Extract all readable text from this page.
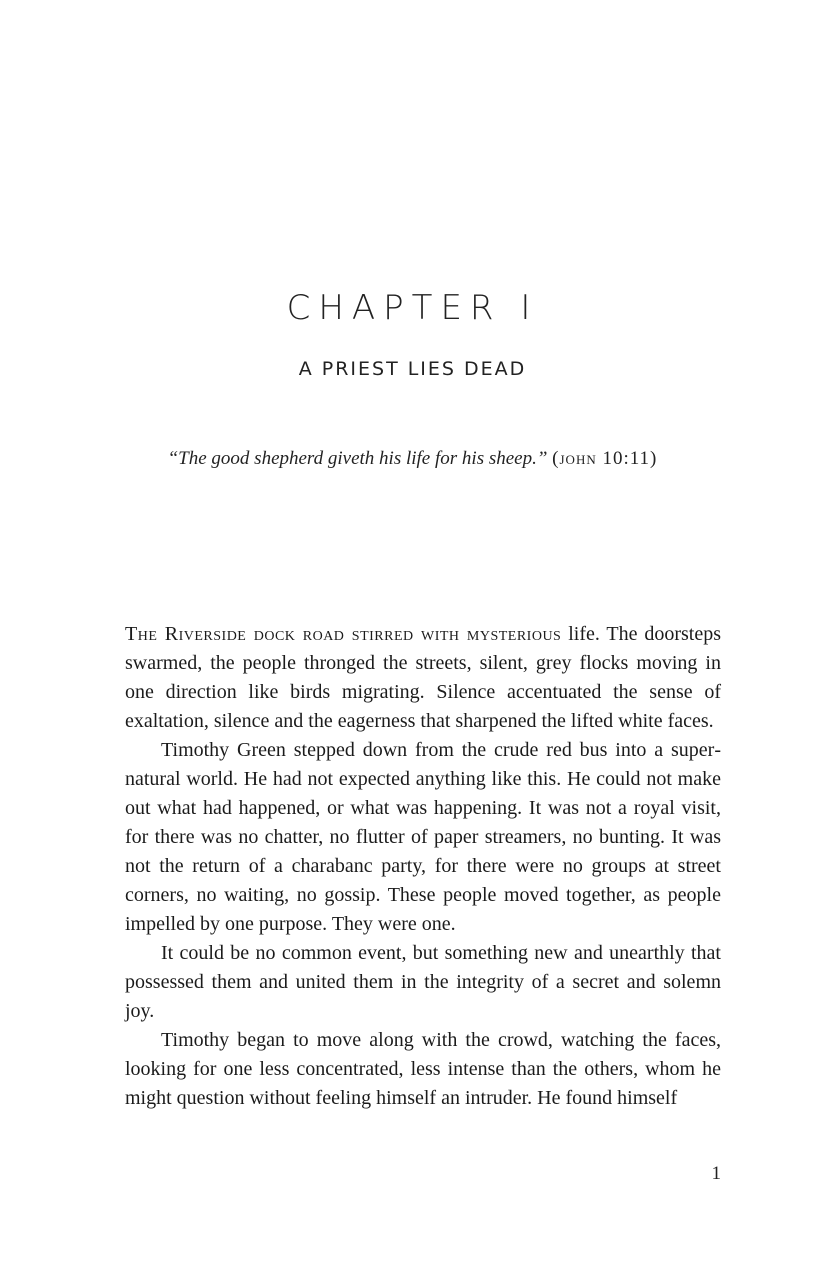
CHAPTER I
A PRIEST LIES DEAD
“The good shepherd giveth his life for his sheep.” (john 10:11)

The Riverside dock road stirred with mysterious life. The doorsteps swarmed, the people thronged the streets, silent, grey flocks moving in one direction like birds migrating. Silence accentuated the sense of exaltation, silence and the eagerness that sharpened the lifted white faces.

Timothy Green stepped down from the crude red bus into a supernatural world. He had not expected anything like this. He could not make out what had happened, or what was happening. It was not a royal visit, for there was no chatter, no flutter of paper streamers, no bunting. It was not the return of a charabanc party, for there were no groups at street corners, no waiting, no gossip. These people moved together, as people impelled by one purpose. They were one.

It could be no common event, but something new and unearthly that possessed them and united them in the integrity of a secret and solemn joy.

Timothy began to move along with the crowd, watching the faces, looking for one less concentrated, less intense than the others, whom he might question without feeling himself an intruder. He found himself

1
